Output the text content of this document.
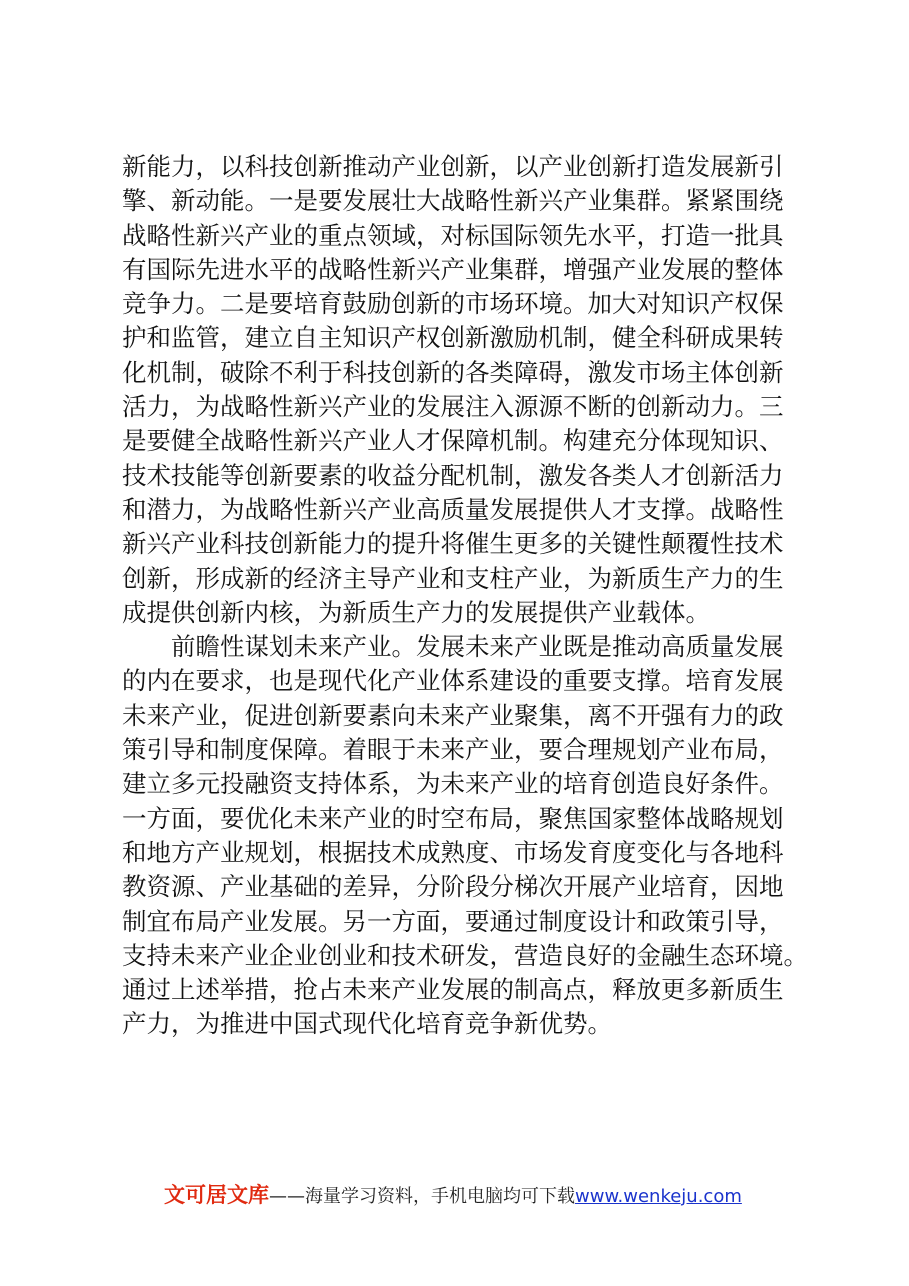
新能力，以科技创新推动产业创新，以产业创新打造发展新引
擎、新动能。一是要发展壮大战略性新兴产业集群。紧紧围绕
战略性新兴产业的重点领域，对标国际领先水平，打造一批具
有国际先进水平的战略性新兴产业集群，增强产业发展的整体
竞争力。二是要培育鼓励创新的市场环境。加大对知识产权保
护和监管，建立自主知识产权创新激励机制，健全科研成果转
化机制，破除不利于科技创新的各类障碍，激发市场主体创新
活力，为战略性新兴产业的发展注入源源不断的创新动力。三
是要健全战略性新兴产业人才保障机制。构建充分体现知识、
技术技能等创新要素的收益分配机制，激发各类人才创新活力
和潜力，为战略性新兴产业高质量发展提供人才支撑。战略性
新兴产业科技创新能力的提升将催生更多的关键性颠覆性技术
创新，形成新的经济主导产业和支柱产业，为新质生产力的生
成提供创新内核，为新质生产力的发展提供产业载体。
　　前瞻性谋划未来产业。发展未来产业既是推动高质量发展
的内在要求，也是现代化产业体系建设的重要支撑。培育发展
未来产业，促进创新要素向未来产业聚集，离不开强有力的政
策引导和制度保障。着眼于未来产业，要合理规划产业布局，
建立多元投融资支持体系，为未来产业的培育创造良好条件。
一方面，要优化未来产业的时空布局，聚焦国家整体战略规划
和地方产业规划，根据技术成熟度、市场发育度变化与各地科
教资源、产业基础的差异，分阶段分梯次开展产业培育，因地
制宜布局产业发展。另一方面，要通过制度设计和政策引导，
支持未来产业企业创业和技术研发，营造良好的金融生态环境。
通过上述举措，抢占未来产业发展的制高点，释放更多新质生
产力，为推进中国式现代化培育竞争新优势。
文可居文库——海量学习资料，手机电脑均可下载www.wenkeju.com
